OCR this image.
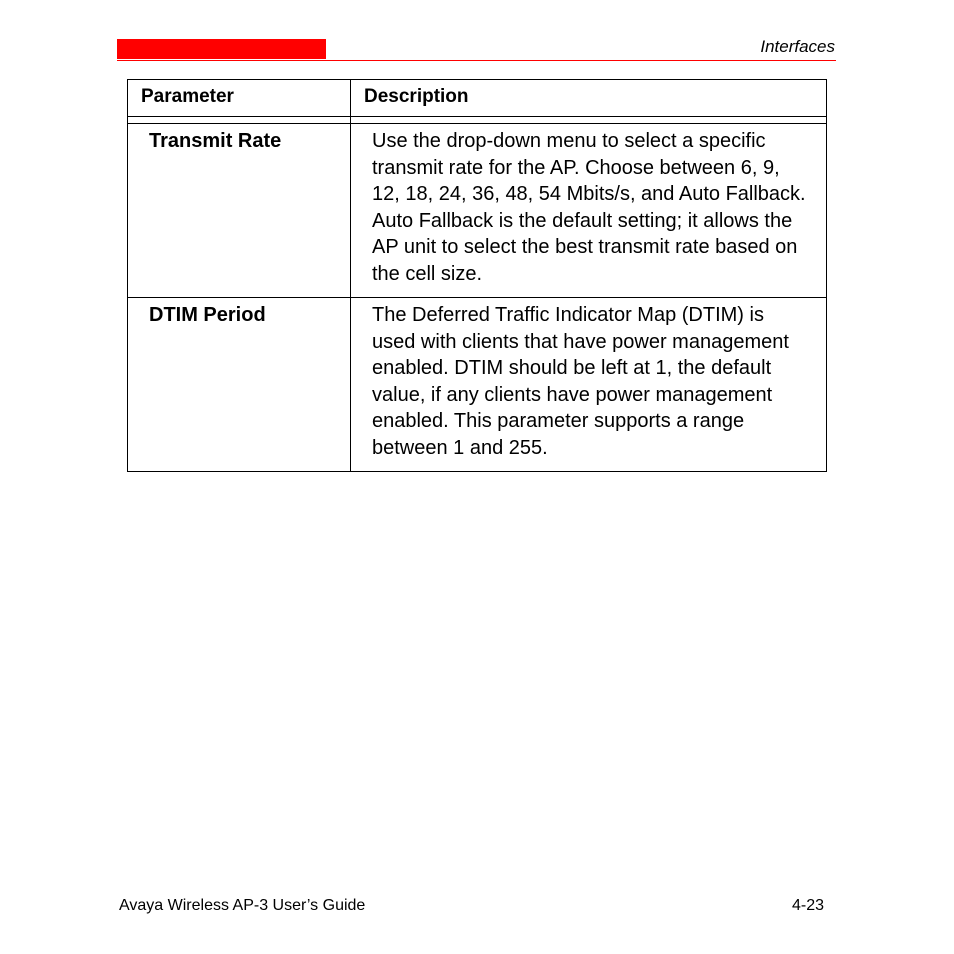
Interfaces
Parameter	Description

Transmit Rate	Use the drop-down menu to select a specific transmit rate for the AP. Choose between 6, 9, 12, 18, 24, 36, 48, 54 Mbits/s, and Auto Fallback. Auto Fallback is the default setting; it allows the AP unit to select the best transmit rate based on the cell size.
DTIM Period	The Deferred Traffic Indicator Map (DTIM) is used with clients that have power management enabled. DTIM should be left at 1, the default value, if any clients have power management enabled. This parameter supports a range between 1 and 255.
Avaya Wireless AP-3 User’s Guide	4-23
